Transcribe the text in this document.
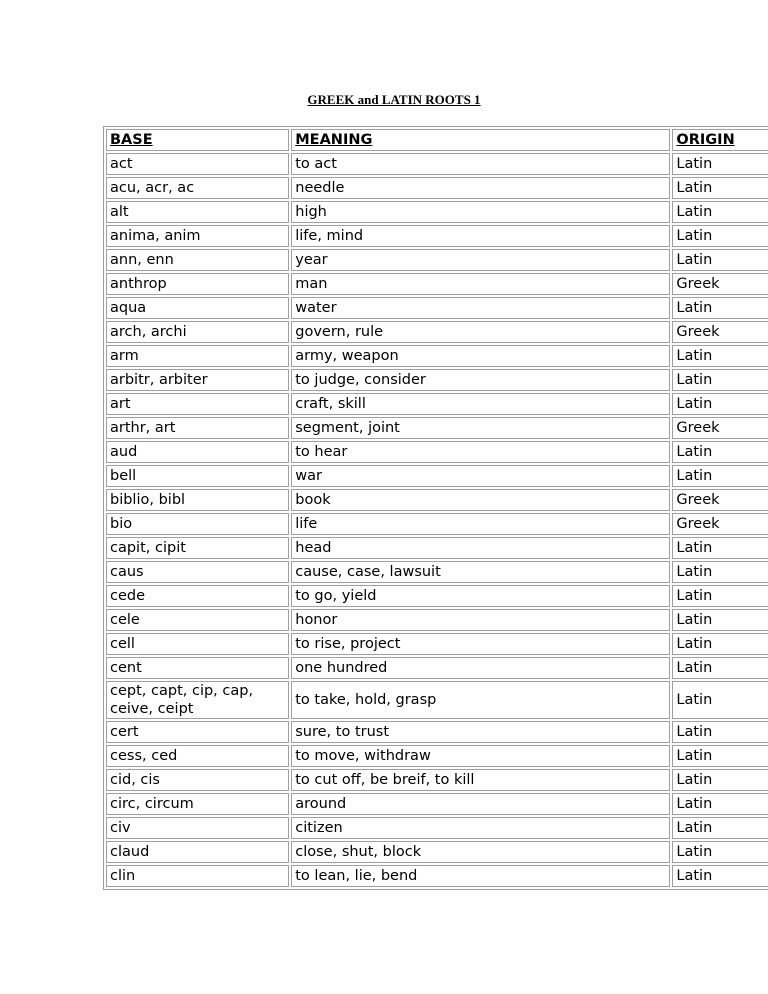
GREEK and LATIN ROOTS 1
BASE	MEANING	ORIGIN
act	to act	Latin
acu, acr, ac	needle	Latin
alt	high	Latin
anima, anim	life, mind	Latin
ann, enn	year	Latin
anthrop	man	Greek
aqua	water	Latin
arch, archi	govern, rule	Greek
arm	army, weapon	Latin
arbitr, arbiter	to judge, consider	Latin
art	craft, skill	Latin
arthr, art	segment, joint	Greek
aud	to hear	Latin
bell	war	Latin
biblio, bibl	book	Greek
bio	life	Greek
capit, cipit	head	Latin
caus	cause, case, lawsuit	Latin
cede	to go, yield	Latin
cele	honor	Latin
cell	to rise, project	Latin
cent	one hundred	Latin
cept, capt, cip, cap, ceive, ceipt	to take, hold, grasp	Latin
cert	sure, to trust	Latin
cess, ced	to move, withdraw	Latin
cid, cis	to cut off, be breif, to kill	Latin
circ, circum	around	Latin
civ	citizen	Latin
claud	close, shut, block	Latin
clin	to lean, lie, bend	Latin
